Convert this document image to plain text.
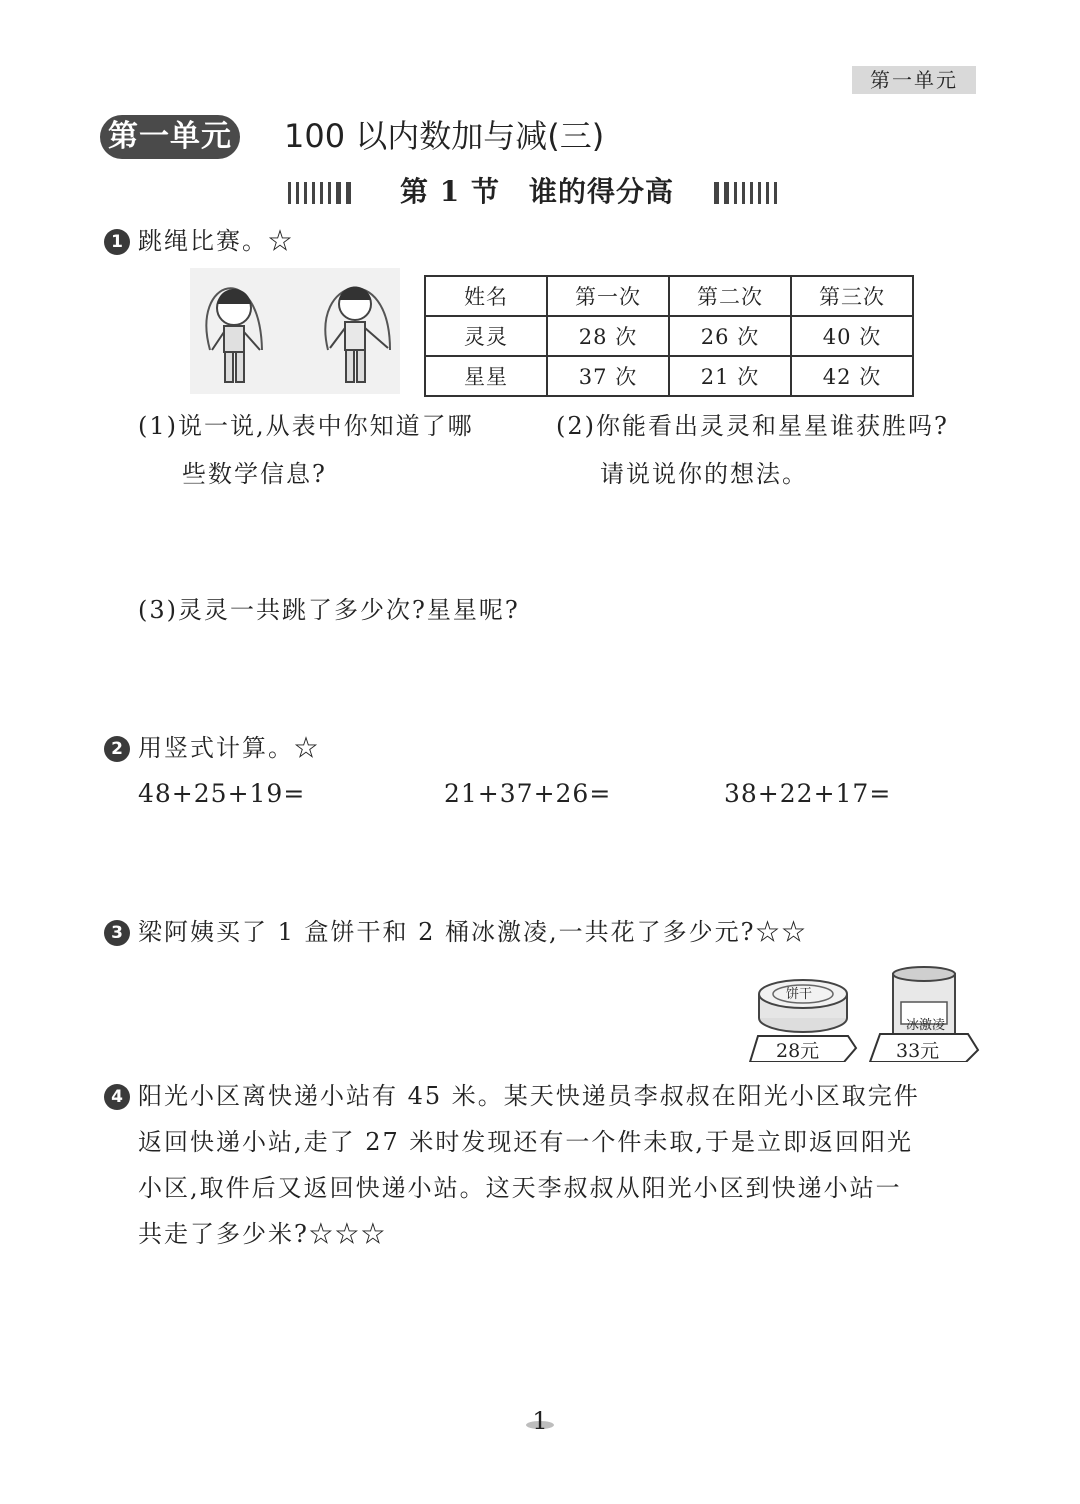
第一单元
第一单元 100 以内数加与减(三)
第 1 节　谁的得分高
1 跳绳比赛。☆
姓名	第一次	第二次	第三次
灵灵	28 次	26 次	40 次
星星	37 次	21 次	42 次
(1)说一说,从表中你知道了哪
些数学信息?
(2)你能看出灵灵和星星谁获胜吗?
请说说你的想法。
(3)灵灵一共跳了多少次?星星呢?
2 用竖式计算。☆
48+25+19=	21+37+26=	38+22+17=
3 梁阿姨买了 1 盒饼干和 2 桶冰激凌,一共花了多少元?☆☆
饼干
28元
冰激凌
33元
4 阳光小区离快递小站有 45 米。某天快递员李叔叔在阳光小区取完件
返回快递小站,走了 27 米时发现还有一个件未取,于是立即返回阳光
小区,取件后又返回快递小站。这天李叔叔从阳光小区到快递小站一
共走了多少米?☆☆☆
1
